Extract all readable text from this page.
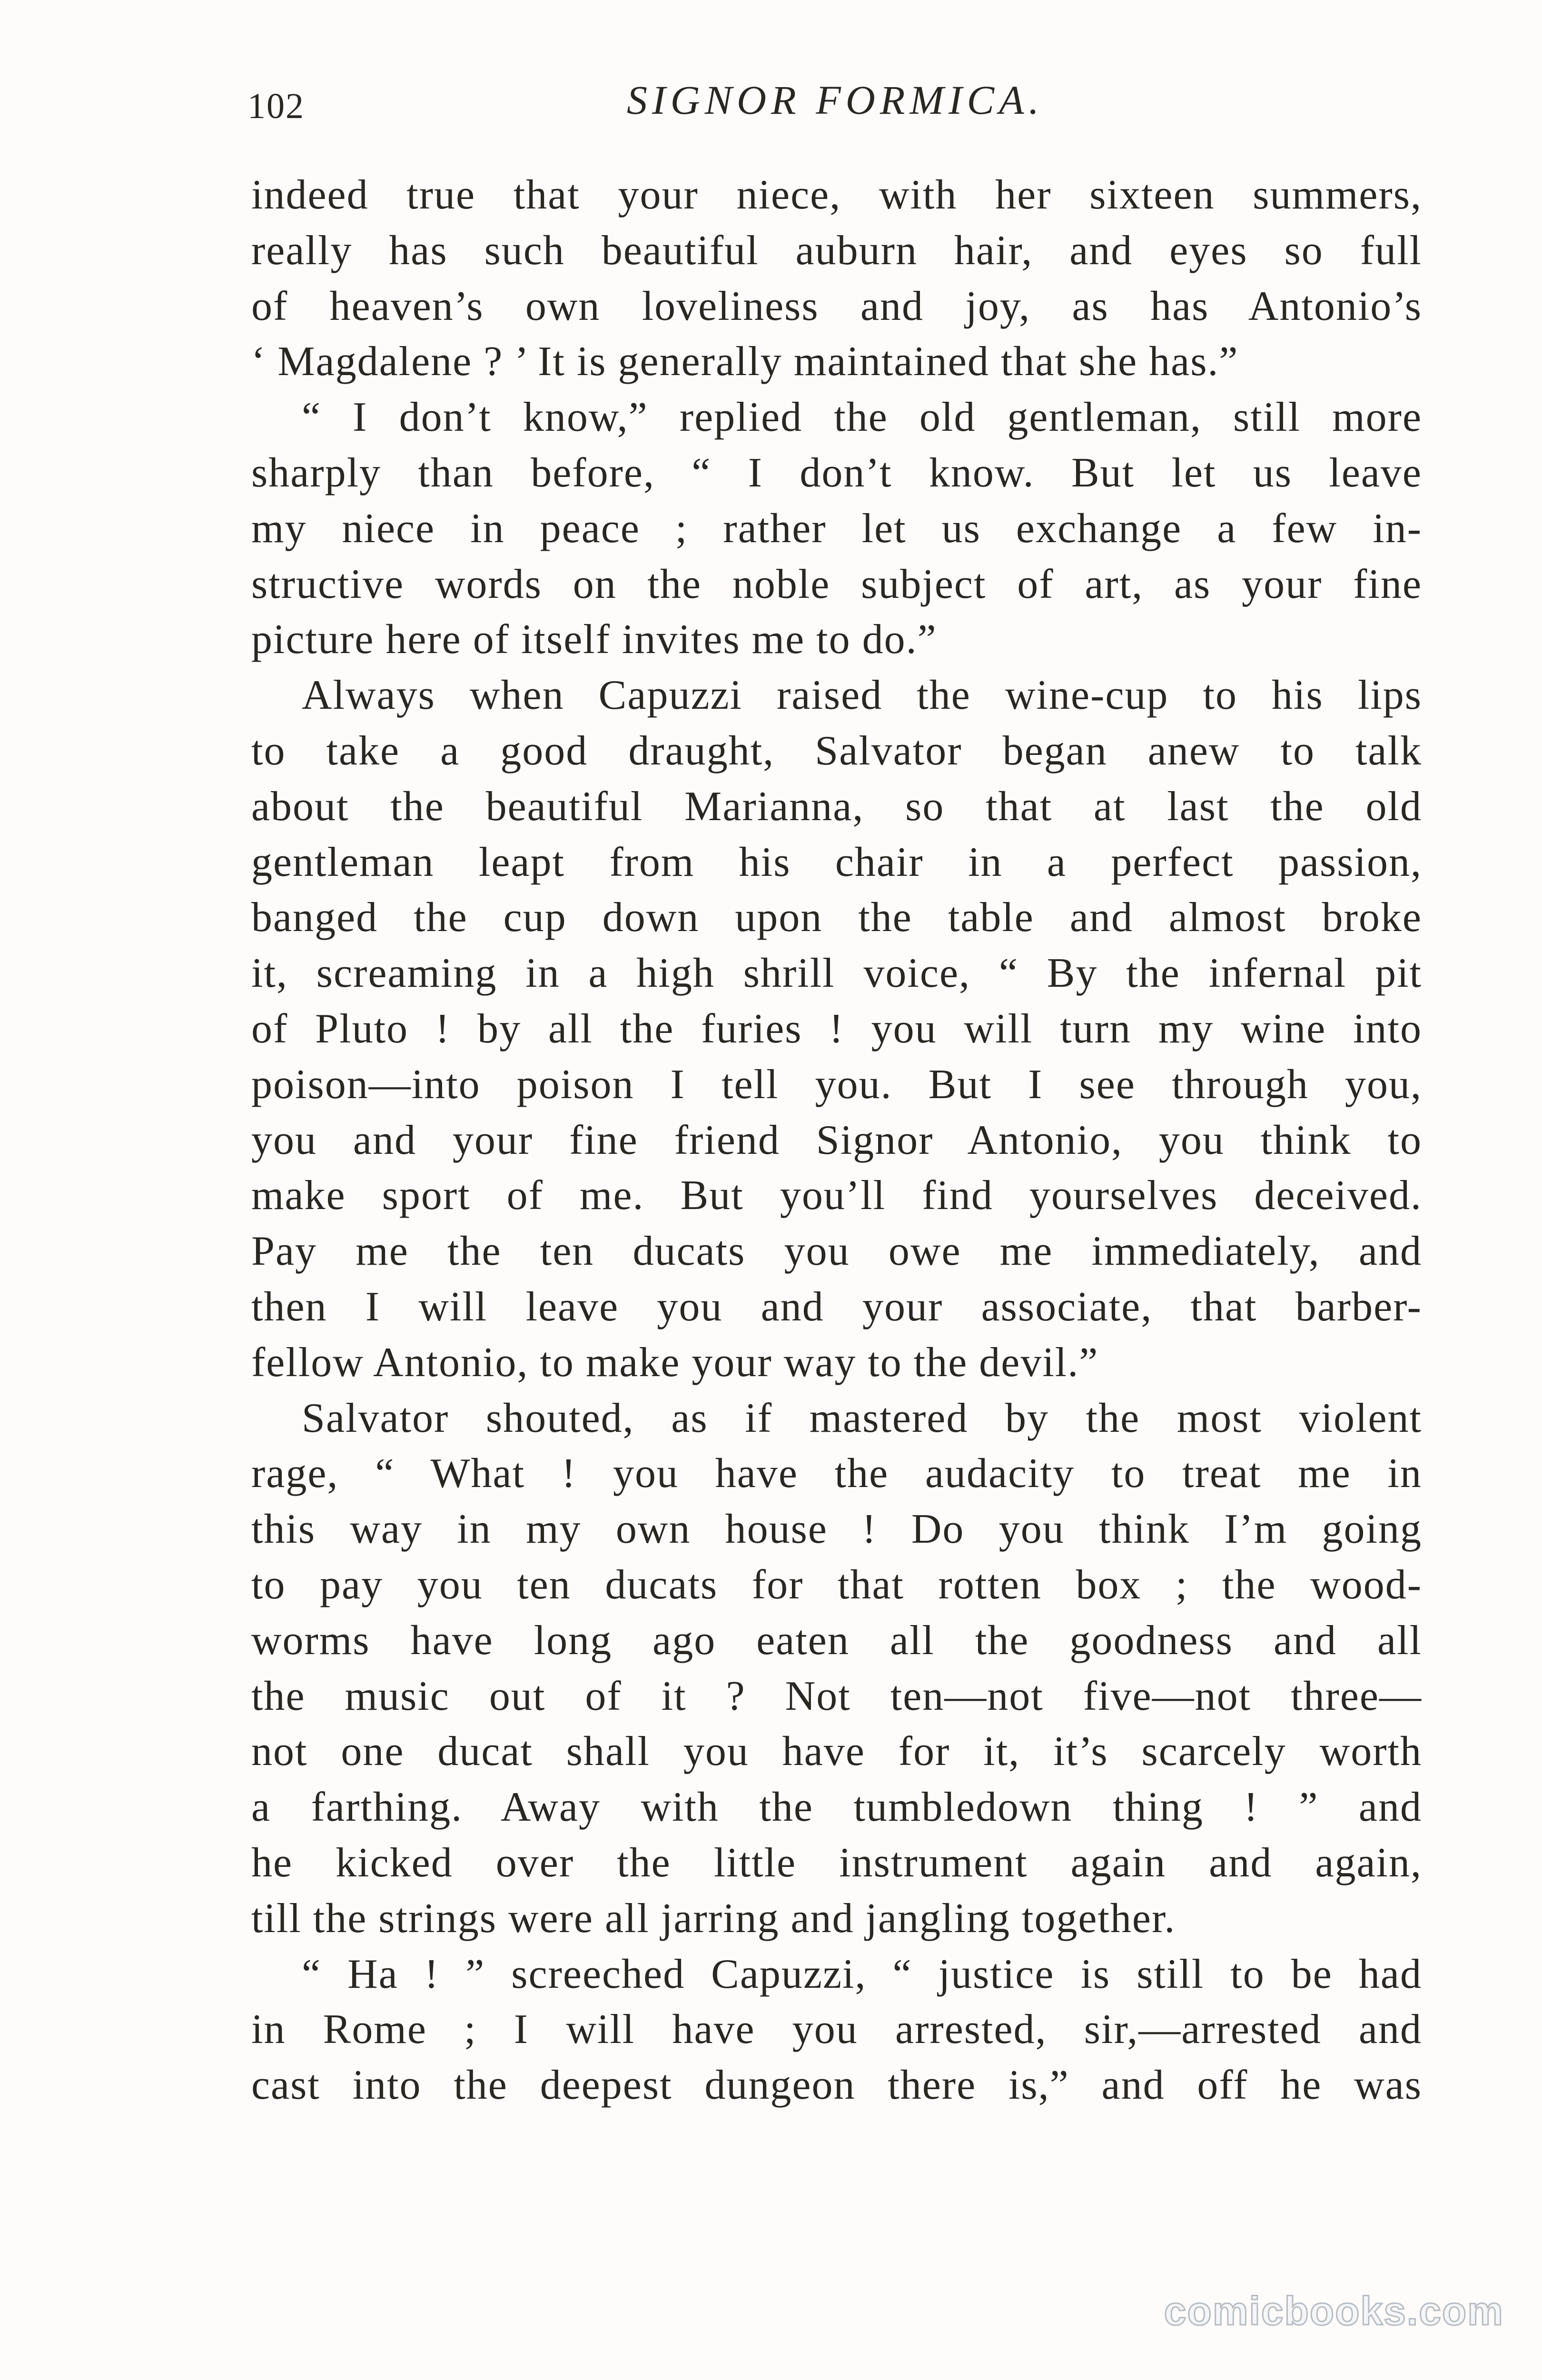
102	SIGNOR FORMICA.
indeed true that your niece, with her sixteen summers,
really has such beautiful auburn hair, and eyes so full
of heaven’s own loveliness and joy, as has Antonio’s
‘ Magdalene ? ’ It is generally maintained that she has.”
“ I don’t know,” replied the old gentleman, still more
sharply than before, “ I don’t know. But let us leave
my niece in peace ; rather let us exchange a few in-
structive words on the noble subject of art, as your fine
picture here of itself invites me to do.”
Always when Capuzzi raised the wine-cup to his lips
to take a good draught, Salvator began anew to talk
about the beautiful Marianna, so that at last the old
gentleman leapt from his chair in a perfect passion,
banged the cup down upon the table and almost broke
it, screaming in a high shrill voice, “ By the infernal pit
of Pluto ! by all the furies ! you will turn my wine into
poison—into poison I tell you. But I see through you,
you and your fine friend Signor Antonio, you think to
make sport of me. But you’ll find yourselves deceived.
Pay me the ten ducats you owe me immediately, and
then I will leave you and your associate, that barber-
fellow Antonio, to make your way to the devil.”
Salvator shouted, as if mastered by the most violent
rage, “ What ! you have the audacity to treat me in
this way in my own house ! Do you think I’m going
to pay you ten ducats for that rotten box ; the wood-
worms have long ago eaten all the goodness and all
the music out of it ? Not ten—not five—not three—
not one ducat shall you have for it, it’s scarcely worth
a farthing. Away with the tumbledown thing ! ” and
he kicked over the little instrument again and again,
till the strings were all jarring and jangling together.
“ Ha ! ” screeched Capuzzi, “ justice is still to be had
in Rome ; I will have you arrested, sir,—arrested and
cast into the deepest dungeon there is,” and off he was
comicbooks.com
